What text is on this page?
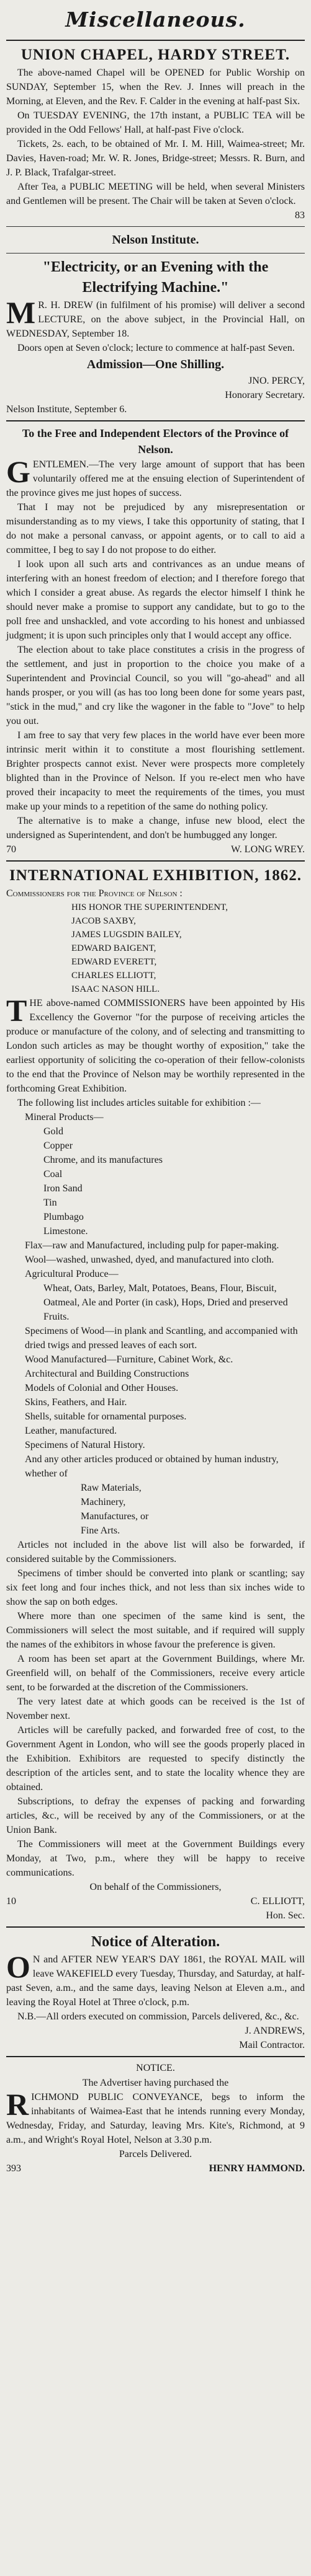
Miscellaneous.
UNION CHAPEL, HARDY STREET.

The above-named Chapel will be OPENED for Public Worship on SUNDAY, September 15, when the Rev. J. Innes will preach in the Morning, at Eleven, and the Rev. F. Calder in the evening at half-past Six.

On TUESDAY EVENING, the 17th instant, a PUBLIC TEA will be provided in the Odd Fellows' Hall, at half-past Five o'clock.

Tickets, 2s. each, to be obtained of Mr. I. M. Hill, Waimea-street; Mr. Davies, Haven-road; Mr. W. R. Jones, Bridge-street; Messrs. R. Burn, and J. P. Black, Trafalgar-street.

After Tea, a PUBLIC MEETING will be held, when several Ministers and Gentlemen will be present. The Chair will be taken at Seven o'clock.

83
Nelson Institute.
"Electricity, or an Evening with the Electrifying Machine."

M R. H. DREW (in fulfilment of his promise) will deliver a second LECTURE, on the above subject, in the Provincial Hall, on WEDNESDAY, September 18.

Doors open at Seven o'clock; lecture to commence at half-past Seven.

Admission—One Shilling.
JNO. PERCY,
Honorary Secretary.
Nelson Institute, September 6.
To the Free and Independent Electors of the Province of Nelson.

G ENTLEMEN.—The very large amount of support that has been voluntarily offered me at the ensuing election of Superintendent of the province gives me just hopes of success.

That I may not be prejudiced by any misrepresentation or misunderstanding as to my views, I take this opportunity of stating, that I do not make a personal canvass, or appoint agents, or to call to aid a committee, I beg to say I do not propose to do either.

I look upon all such arts and contrivances as an undue means of interfering with an honest freedom of election; and I therefore forego that which I consider a great abuse. As regards the elector himself I think he should never make a promise to support any candidate, but to go to the poll free and unshackled, and vote according to his honest and unbiassed judgment; it is upon such principles only that I would accept any office.

The election about to take place constitutes a crisis in the progress of the settlement, and just in proportion to the choice you make of a Superintendent and Provincial Council, so you will "go-ahead" and all hands prosper, or you will (as has too long been done for some years past, "stick in the mud," and cry like the wagoner in the fable to "Jove" to help you out.

I am free to say that very few places in the world have ever been more intrinsic merit within it to constitute a most flourishing settlement. Brighter prospects cannot exist. Never were prospects more completely blighted than in the Province of Nelson. If you re-elect men who have proved their incapacity to meet the requirements of the times, you must make up your minds to a repetition of the same do nothing policy.

The alternative is to make a change, infuse new blood, elect the undersigned as Superintendent, and don't be humbugged any longer.

70	W. LONG WREY.
INTERNATIONAL EXHIBITION, 1862.
Commissioners for the Province of Nelson :
HIS HONOR THE SUPERINTENDENT,
JACOB SAXBY,
JAMES LUGSDIN BAILEY,
EDWARD BAIGENT,
EDWARD EVERETT,
CHARLES ELLIOTT,
ISAAC NASON HILL.

T HE above-named COMMISSIONERS have been appointed by His Excellency the Governor "for the purpose of receiving articles the produce or manufacture of the colony, and of selecting and transmitting to London such articles as may be thought worthy of exposition," take the earliest opportunity of soliciting the co-operation of their fellow-colonists to the end that the Province of Nelson may be worthily represented in the forthcoming Great Exhibition.

The following list includes articles suitable for exhibition :—

Mineral Products—
Gold
Copper
Chrome, and its manufactures
Coal
Iron Sand
Tin
Plumbago
Limestone.
Flax—raw and Manufactured, including pulp for paper-making.
Wool—washed, unwashed, dyed, and manufactured into cloth.
Agricultural Produce—
Wheat, Oats, Barley, Malt, Potatoes, Beans, Flour, Biscuit, Oatmeal, Ale and Porter (in cask), Hops, Dried and preserved Fruits.
Specimens of Wood—in plank and Scantling, and accompanied with dried twigs and pressed leaves of each sort.
Wood Manufactured—Furniture, Cabinet Work, &c.
Architectural and Building Constructions
Models of Colonial and Other Houses.
Skins, Feathers, and Hair.
Shells, suitable for ornamental purposes.
Leather, manufactured.
Specimens of Natural History.
And any other articles produced or obtained by human industry, whether of
Raw Materials,
Machinery,
Manufactures, or
Fine Arts.

Articles not included in the above list will also be forwarded, if considered suitable by the Commissioners.

Specimens of timber should be converted into plank or scantling; say six feet long and four inches thick, and not less than six inches wide to show the sap on both edges.

Where more than one specimen of the same kind is sent, the Commissioners will select the most suitable, and if required will supply the names of the exhibitors in whose favour the preference is given.

A room has been set apart at the Government Buildings, where Mr. Greenfield will, on behalf of the Commissioners, receive every article sent, to be forwarded at the discretion of the Commissioners.

The very latest date at which goods can be received is the 1st of November next.

Articles will be carefully packed, and forwarded free of cost, to the Government Agent in London, who will see the goods properly placed in the Exhibition. Exhibitors are requested to specify distinctly the description of the articles sent, and to state the locality whence they are obtained.

Subscriptions, to defray the expenses of packing and forwarding articles, &c., will be received by any of the Commissioners, or at the Union Bank.

The Commissioners will meet at the Government Buildings every Monday, at Two, p.m., where they will be happy to receive communications.

On behalf of the Commissioners,
10	C. ELLIOTT,
Hon. Sec.
Notice of Alteration.

O N and AFTER NEW YEAR'S DAY 1861, the ROYAL MAIL will leave WAKEFIELD every Tuesday, Thursday, and Saturday, at half-past Seven, a.m., and the same days, leaving Nelson at Eleven a.m., and leaving the Royal Hotel at Three o'clock, p.m.

N.B.—All orders executed on commission, Parcels delivered, &c., &c.

J. ANDREWS,
Mail Contractor.
NOTICE.

The Advertiser having purchased the

R ICHMOND PUBLIC CONVEYANCE, begs to inform the inhabitants of Waimea-East that he intends running every Monday, Wednesday, Friday, and Saturday, leaving Mrs. Kite's, Richmond, at 9 a.m., and Wright's Royal Hotel, Nelson at 3.30 p.m.

Parcels Delivered.

393	HENRY HAMMOND.
